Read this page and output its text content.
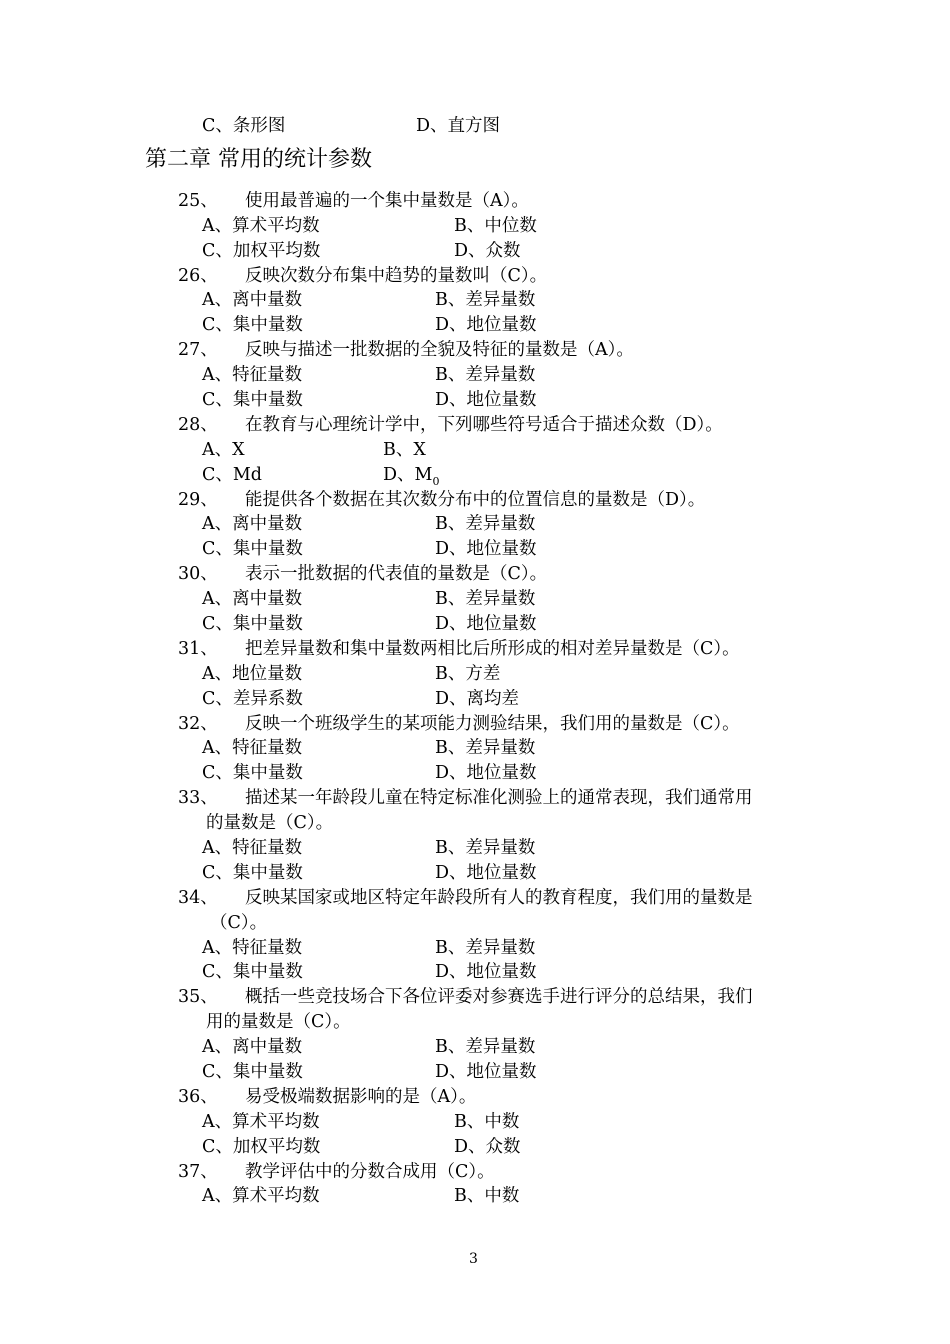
C、条形图	D、直方图
第二章 常用的统计参数
25、 使用最普遍的一个集中量数是（A）。
A、算术平均数	B、中位数
C、加权平均数	D、众数
26、 反映次数分布集中趋势的量数叫（C）。
A、离中量数	B、差异量数
C、集中量数	D、地位量数
27、 反映与描述一批数据的全貌及特征的量数是（A）。
A、特征量数	B、差异量数
C、集中量数	D、地位量数
28、 在教育与心理统计学中，下列哪些符号适合于描述众数（D）。
A、X	B、X
C、Md	D、$M_0$
29、 能提供各个数据在其次数分布中的位置信息的量数是（D）。
A、离中量数	B、差异量数
C、集中量数	D、地位量数
30、 表示一批数据的代表值的量数是（C）。
A、离中量数	B、差异量数
C、集中量数	D、地位量数
31、 把差异量数和集中量数两相比后所形成的相对差异量数是（C）。
A、地位量数	B、方差
C、差异系数	D、离均差
32、 反映一个班级学生的某项能力测验结果，我们用的量数是（C）。
A、特征量数	B、差异量数
C、集中量数	D、地位量数
33、 描述某一年龄段儿童在特定标准化测验上的通常表现，我们通常用
的量数是（C）。
A、特征量数	B、差异量数
C、集中量数	D、地位量数
34、 反映某国家或地区特定年龄段所有人的教育程度，我们用的量数是
（C）。
A、特征量数	B、差异量数
C、集中量数	D、地位量数
35、 概括一些竞技场合下各位评委对参赛选手进行评分的总结果，我们
用的量数是（C）。
A、离中量数	B、差异量数
C、集中量数	D、地位量数
36、 易受极端数据影响的是（A）。
A、算术平均数	B、中数
C、加权平均数	D、众数
37、 教学评估中的分数合成用（C）。
A、算术平均数	B、中数
3
